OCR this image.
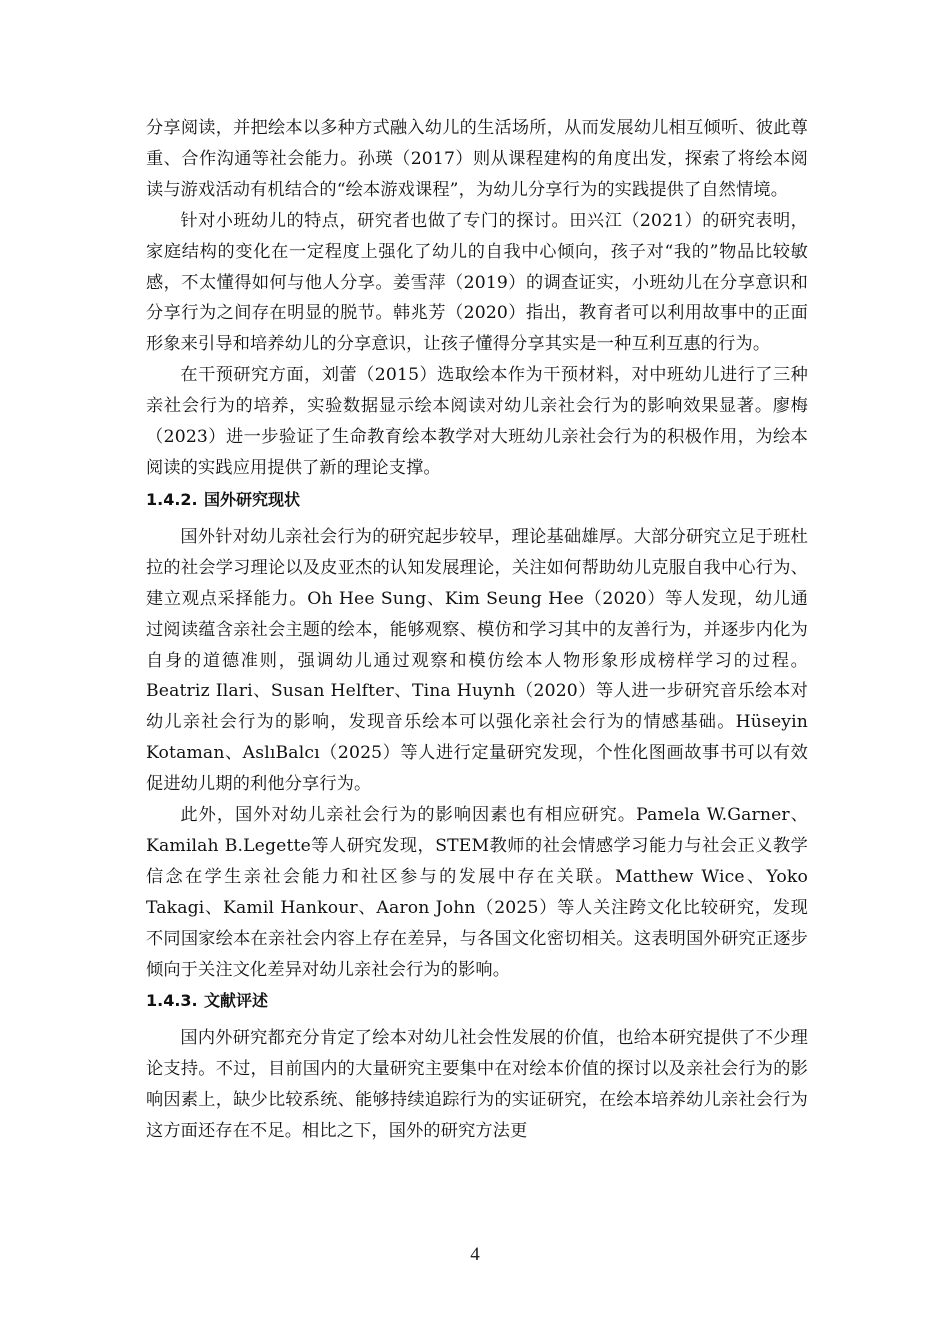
分享阅读，并把绘本以多种方式融入幼儿的生活场所，从而发展幼儿相互倾听、彼此尊重、合作沟通等社会能力。孙瑛（2017）则从课程建构的角度出发，探索了将绘本阅读与游戏活动有机结合的“绘本游戏课程”，为幼儿分享行为的实践提供了自然情境。

针对小班幼儿的特点，研究者也做了专门的探讨。田兴江（2021）的研究表明，家庭结构的变化在一定程度上强化了幼儿的自我中心倾向，孩子对“我的”物品比较敏感，不太懂得如何与他人分享。姜雪萍（2019）的调查证实，小班幼儿在分享意识和分享行为之间存在明显的脱节。韩兆芳（2020）指出，教育者可以利用故事中的正面形象来引导和培养幼儿的分享意识，让孩子懂得分享其实是一种互利互惠的行为。

在干预研究方面，刘蕾（2015）选取绘本作为干预材料，对中班幼儿进行了三种亲社会行为的培养，实验数据显示绘本阅读对幼儿亲社会行为的影响效果显著。廖梅（2023）进一步验证了生命教育绘本教学对大班幼儿亲社会行为的积极作用，为绘本阅读的实践应用提供了新的理论支撑。

1.4.2. 国外研究现状

国外针对幼儿亲社会行为的研究起步较早，理论基础雄厚。大部分研究立足于班杜拉的社会学习理论以及皮亚杰的认知发展理论，关注如何帮助幼儿克服自我中心行为、建立观点采择能力。Oh Hee Sung、Kim Seung Hee（2020）等人发现，幼儿通过阅读蕴含亲社会主题的绘本，能够观察、模仿和学习其中的友善行为，并逐步内化为自身的道德准则，强调幼儿通过观察和模仿绘本人物形象形成榜样学习的过程。Beatriz Ilari、Susan Helfter、Tina Huynh（2020）等人进一步研究音乐绘本对幼儿亲社会行为的影响，发现音乐绘本可以强化亲社会行为的情感基础。Hüseyin Kotaman、AslıBalcı（2025）等人进行定量研究发现，个性化图画故事书可以有效促进幼儿期的利他分享行为。

此外，国外对幼儿亲社会行为的影响因素也有相应研究。Pamela W.Garner、Kamilah B.Legette等人研究发现，STEM教师的社会情感学习能力与社会正义教学信念在学生亲社会能力和社区参与的发展中存在关联。Matthew Wice、Yoko Takagi、Kamil Hankour、Aaron John（2025）等人关注跨文化比较研究，发现不同国家绘本在亲社会内容上存在差异，与各国文化密切相关。这表明国外研究正逐步倾向于关注文化差异对幼儿亲社会行为的影响。

1.4.3. 文献评述

国内外研究都充分肯定了绘本对幼儿社会性发展的价值，也给本研究提供了不少理论支持。不过，目前国内的大量研究主要集中在对绘本价值的探讨以及亲社会行为的影响因素上，缺少比较系统、能够持续追踪行为的实证研究，在绘本培养幼儿亲社会行为这方面还存在不足。相比之下，国外的研究方法更

4
